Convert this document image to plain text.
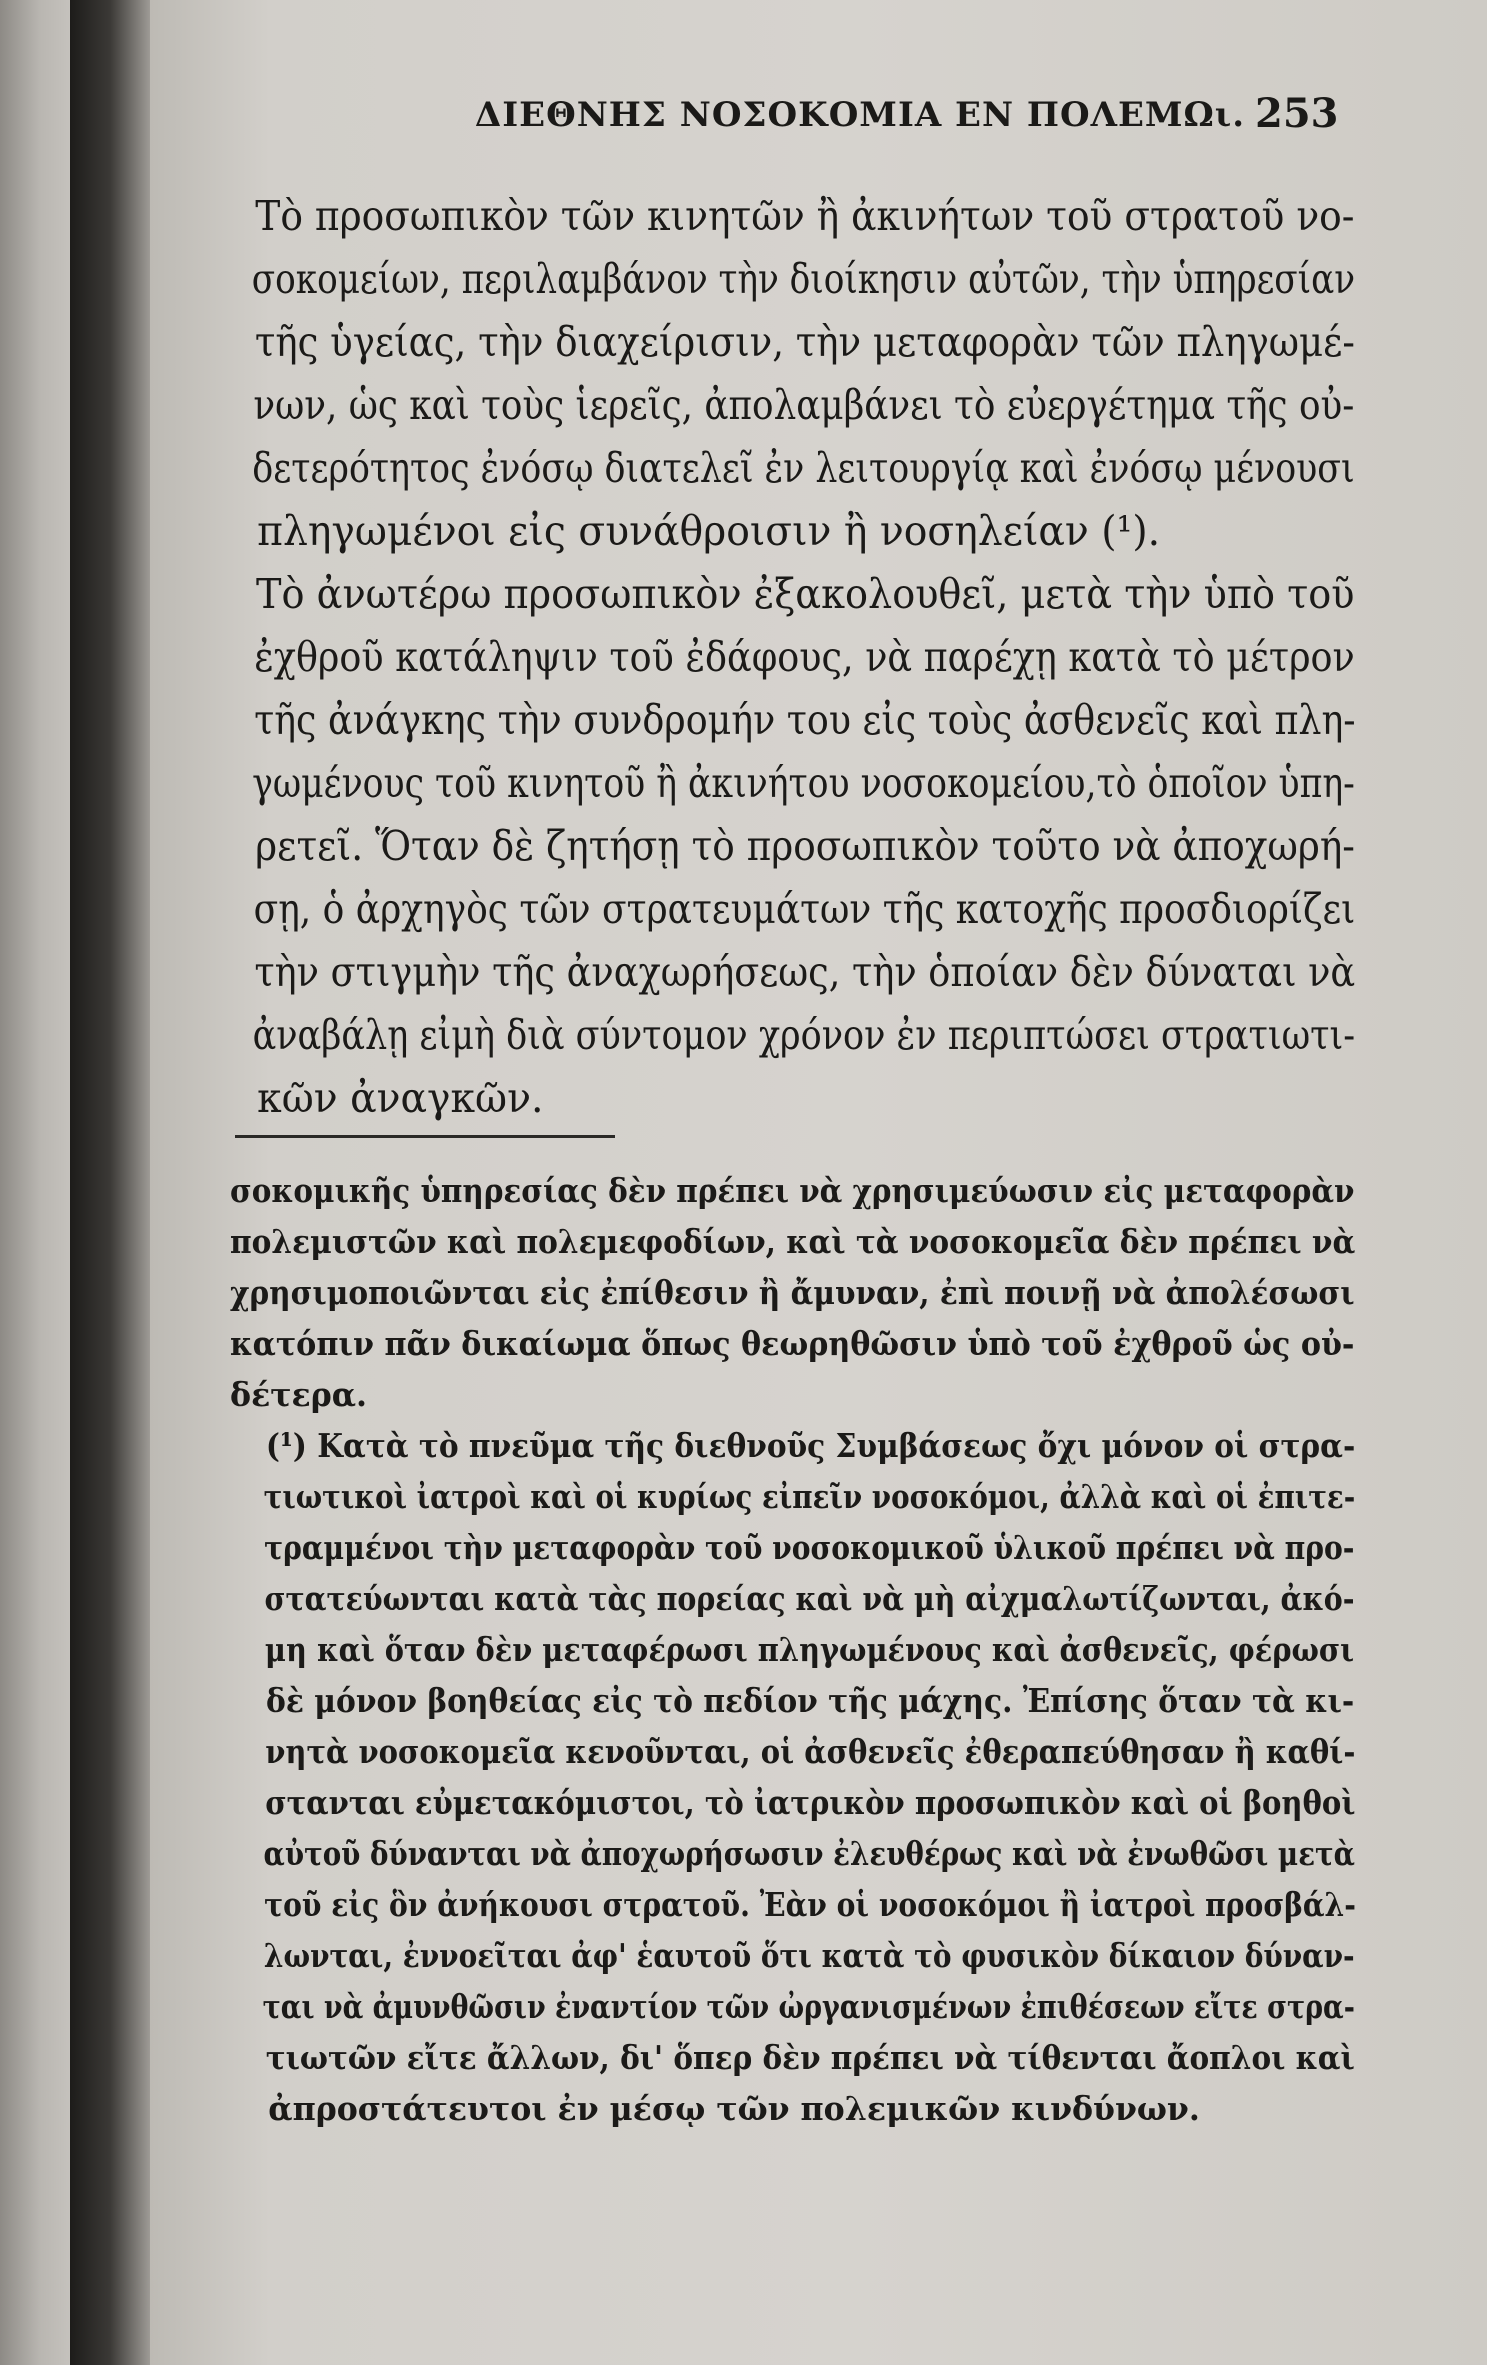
ΔΙΕΘΝΗΣ ΝΟΣΟΚΟΜΙΑ ΕΝ ΠΟΛΕΜΩι. 253

Τὸ προσωπικὸν τῶν κινητῶν ἢ ἀκινήτων τοῦ στρατοῦ νο-
σοκομείων, περιλαμβάνον τὴν διοίκησιν αὐτῶν, τὴν ὑπηρεσίαν
τῆς ὑγείας, τὴν διαχείρισιν, τὴν μεταφορὰν τῶν πληγωμέ-
νων, ὡς καὶ τοὺς ἱερεῖς, ἀπολαμβάνει τὸ εὐεργέτημα τῆς οὐ-
δετερότητος ἐνόσῳ διατελεῖ ἐν λειτουργίᾳ καὶ ἐνόσῳ μένουσι
πληγωμένοι εἰς συνάθροισιν ἢ νοσηλείαν (¹).

Τὸ ἀνωτέρω προσωπικὸν ἐξακολουθεῖ, μετὰ τὴν ὑπὸ τοῦ
ἐχθροῦ κατάληψιν τοῦ ἐδάφους, νὰ παρέχῃ κατὰ τὸ μέτρον
τῆς ἀνάγκης τὴν συνδρομήν του εἰς τοὺς ἀσθενεῖς καὶ πλη-
γωμένους τοῦ κινητοῦ ἢ ἀκινήτου νοσοκομείου,τὸ ὁποῖον ὑπη-
ρετεῖ. Ὅταν δὲ ζητήσῃ τὸ προσωπικὸν τοῦτο νὰ ἀποχωρή-
σῃ, ὁ ἀρχηγὸς τῶν στρατευμάτων τῆς κατοχῆς προσδιορίζει
τὴν στιγμὴν τῆς ἀναχωρήσεως, τὴν ὁποίαν δὲν δύναται νὰ
ἀναβάλῃ εἰμὴ διὰ σύντομον χρόνον ἐν περιπτώσει στρατιωτι-
κῶν ἀναγκῶν.

σοκομικῆς ὑπηρεσίας δὲν πρέπει νὰ χρησιμεύωσιν εἰς μεταφορὰν
πολεμιστῶν καὶ πολεμεφοδίων, καὶ τὰ νοσοκομεῖα δὲν πρέπει νὰ
χρησιμοποιῶνται εἰς ἐπίθεσιν ἢ ἄμυναν, ἐπὶ ποινῇ νὰ ἀπολέσωσι
κατόπιν πᾶν δικαίωμα ὅπως θεωρηθῶσιν ὑπὸ τοῦ ἐχθροῦ ὡς οὐ-
δέτερα.

(¹) Κατὰ τὸ πνεῦμα τῆς διεθνοῦς Συμβάσεως ὄχι μόνον οἱ στρα-
τιωτικοὶ ἰατροὶ καὶ οἱ κυρίως εἰπεῖν νοσοκόμοι, ἀλλὰ καὶ οἱ ἐπιτε-
τραμμένοι τὴν μεταφορὰν τοῦ νοσοκομικοῦ ὑλικοῦ πρέπει νὰ προ-
στατεύωνται κατὰ τὰς πορείας καὶ νὰ μὴ αἰχμαλωτίζωνται, ἀκό-
μη καὶ ὅταν δὲν μεταφέρωσι πληγωμένους καὶ ἀσθενεῖς, φέρωσι
δὲ μόνον βοηθείας εἰς τὸ πεδίον τῆς μάχης. Ἐπίσης ὅταν τὰ κι-
νητὰ νοσοκομεῖα κενοῦνται, οἱ ἀσθενεῖς ἐθεραπεύθησαν ἢ καθί-
στανται εὐμετακόμιστοι, τὸ ἰατρικὸν προσωπικὸν καὶ οἱ βοηθοὶ
αὐτοῦ δύνανται νὰ ἀποχωρήσωσιν ἐλευθέρως καὶ νὰ ἐνωθῶσι μετὰ
τοῦ εἰς ὃν ἀνήκουσι στρατοῦ. Ἐὰν οἱ νοσοκόμοι ἢ ἰατροὶ προσβάλ-
λωνται, ἐννοεῖται ἀφ' ἑαυτοῦ ὅτι κατὰ τὸ φυσικὸν δίκαιον δύναν-
ται νὰ ἀμυνθῶσιν ἐναντίον τῶν ὠργανισμένων ἐπιθέσεων εἴτε στρα-
τιωτῶν εἴτε ἄλλων, δι' ὅπερ δὲν πρέπει νὰ τίθενται ἄοπλοι καὶ
ἀπροστάτευτοι ἐν μέσῳ τῶν πολεμικῶν κινδύνων.
